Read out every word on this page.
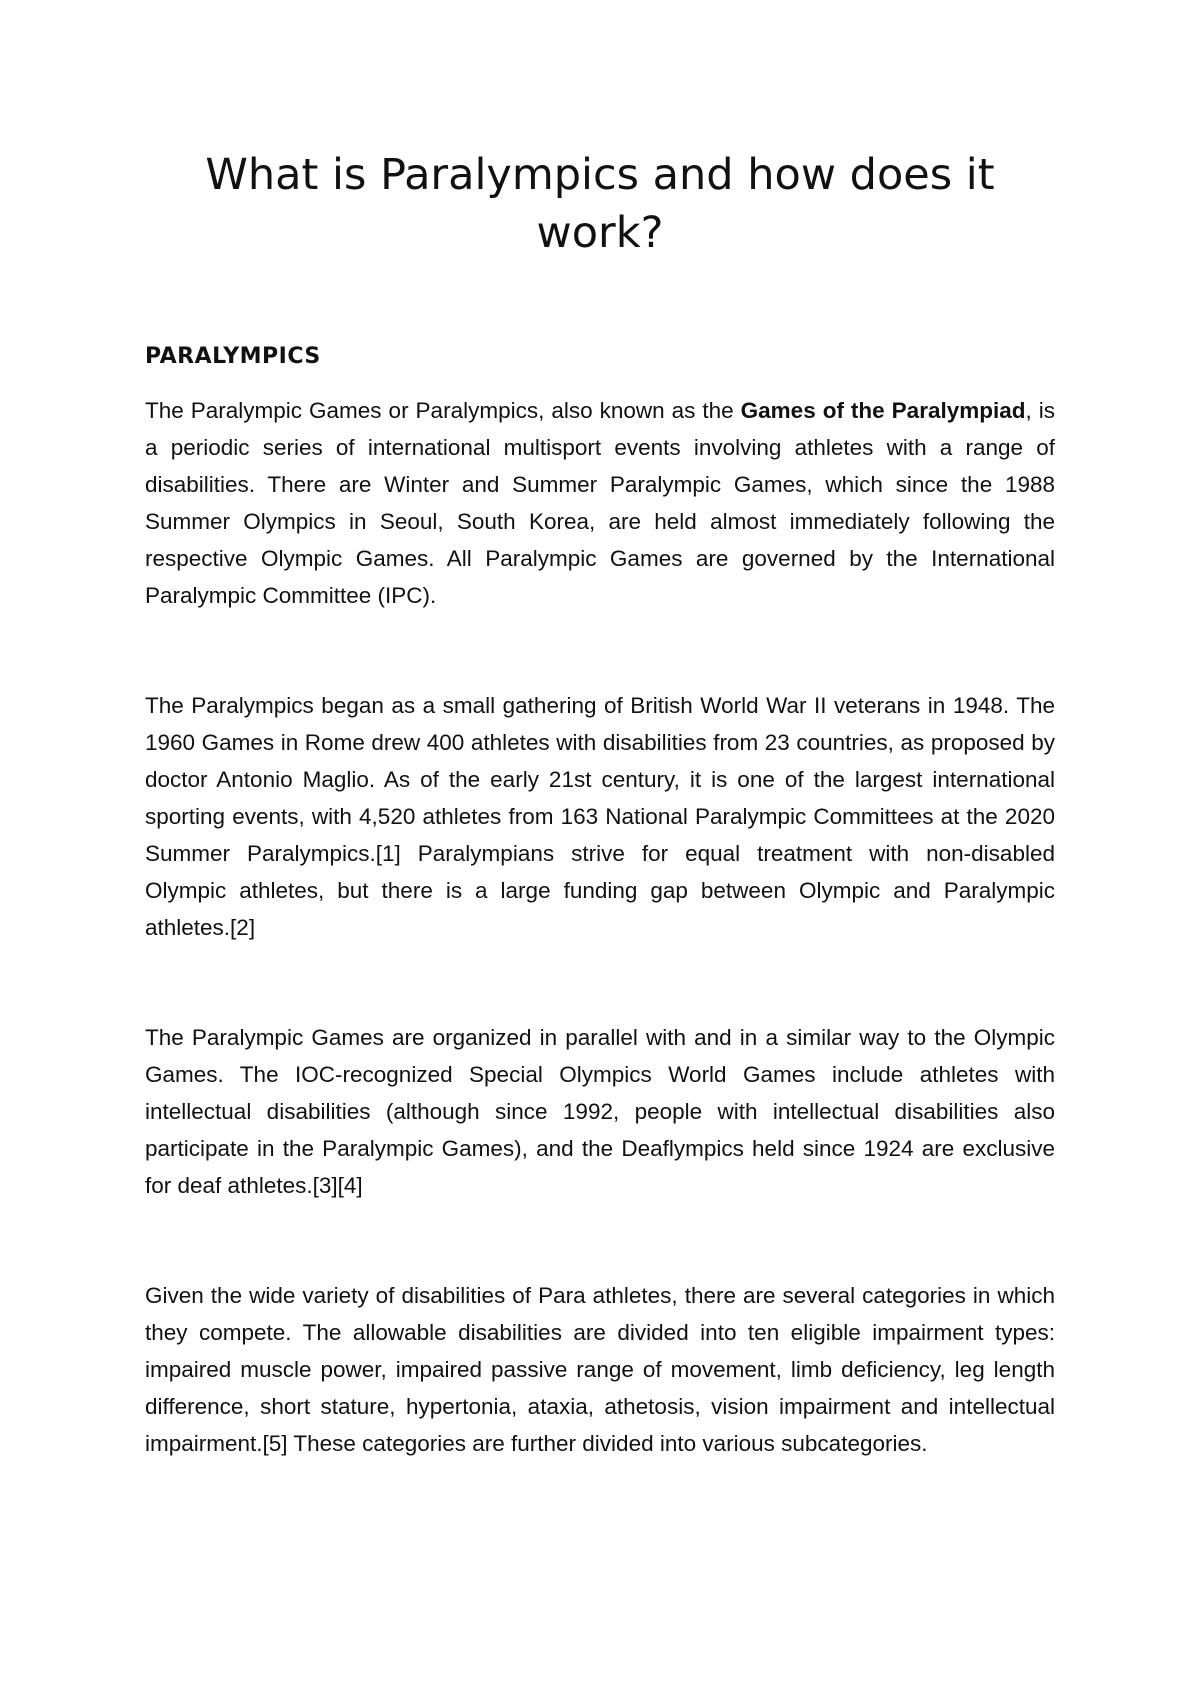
What is Paralympics and how does it work?
PARALYMPICS

The Paralympic Games or Paralympics, also known as the Games of the Paralympiad, is a periodic series of international multisport events involving athletes with a range of disabilities. There are Winter and Summer Paralympic Games, which since the 1988 Summer Olympics in Seoul, South Korea, are held almost immediately following the respective Olympic Games. All Paralympic Games are governed by the International Paralympic Committee (IPC).

The Paralympics began as a small gathering of British World War II veterans in 1948. The 1960 Games in Rome drew 400 athletes with disabilities from 23 countries, as proposed by doctor Antonio Maglio. As of the early 21st century, it is one of the largest international sporting events, with 4,520 athletes from 163 National Paralympic Committees at the 2020 Summer Paralympics.[1] Paralympians strive for equal treatment with non-disabled Olympic athletes, but there is a large funding gap between Olympic and Paralympic athletes.[2]

The Paralympic Games are organized in parallel with and in a similar way to the Olympic Games. The IOC-recognized Special Olympics World Games include athletes with intellectual disabilities (although since 1992, people with intellectual disabilities also participate in the Paralympic Games), and the Deaflympics held since 1924 are exclusive for deaf athletes.[3][4]

Given the wide variety of disabilities of Para athletes, there are several categories in which they compete. The allowable disabilities are divided into ten eligible impairment types: impaired muscle power, impaired passive range of movement, limb deficiency, leg length difference, short stature, hypertonia, ataxia, athetosis, vision impairment and intellectual impairment.[5] These categories are further divided into various subcategories.
